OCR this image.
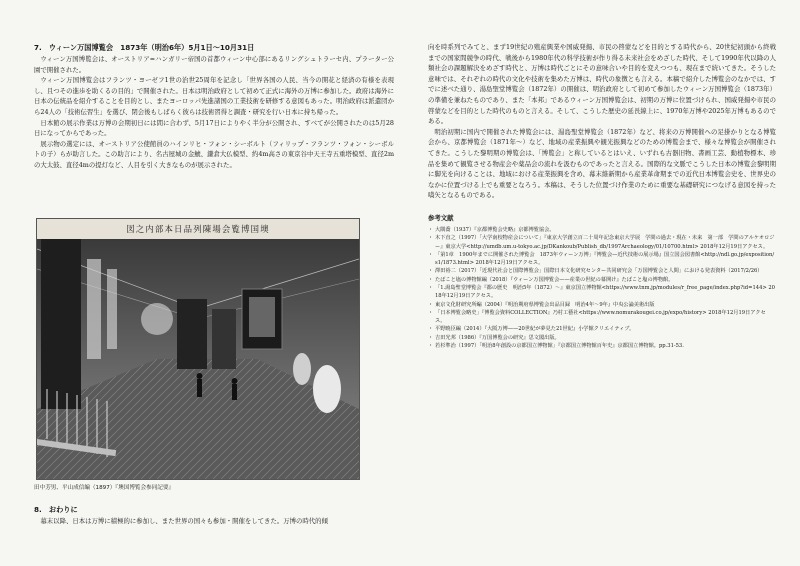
7.　ウィーン万国博覧会　1873年（明治6年）5月1日〜10月31日

ウィーン万国博覧会は、オーストリア=ハンガリー帝国の首都ウィーン中心部にあるリングシュトラーセ内、プラーター公園で開催された。

ウィーン万国博覧会はフランツ・ヨーゼフ1世の治世25周年を記念し「世界各国の人民、当今の開花と経済の有様を表現し、且つその進歩を助くるの目的」で開催された。日本は明治政府として初めて正式に海外の万博に参加した。政府は海外に日本の伝統品を紹介することを目的とし、またヨーロッパ先進諸国の工業技術を研修する意図もあった。明治政府は派遣団から24人の「技術伝習生」を選び、閉会後もしばらく彼らは技術習得と調査・研究を行い日本に持ち帰った。

日本館の展示作業は万博の会期初日には間に合わず、5月17日によりやく半分が公開され、すべてが公開されたのは5月28日になってからであった。

展示物の選定には、オーストリア公使館員のハインリヒ・フォン・シーボルト（フィリップ・フランツ・フォン・シーボルトの子）らが助言した。この助言により、名古屋城の金鯱、鎌倉大仏模型、約4m高さの東京谷中天王寺五重塔模型、直径2mの大太鼓、直径4mの提灯など、人目を引く大きなものが展示された。

墺国博覧会場陳列品日本部内之図
田中芳男、平山成信編（1897）『墺国博覧会参同記要』
8.　おわりに

幕末以降、日本は万博に積極的に参加し、また世界の国々も参加・開催をしてきた。万博の時代的傾

向を時系列でみてと、まず19世紀の殖産興業や国威発揚、市民の啓蒙などを目的とする時代から、20世紀初頭から終戦までの国家間競争の時代、戦後から1980年代の科学技術が作り得る未来社会をめざした時代、そして1990年代以降の人類社会の課題解決をめざす時代と、万博は時代ごとにその意味合いや目的を変えつつも、現在まで続いてきた。そうした意味では、それぞれの時代の文化や技術を集めた万博は、時代の象徴とも言える。本稿で紹介した博覧会のなかでは、すでに述べた通り、湯島聖堂博覧会（1872年）の開催は、明治政府として初めて参加したウィーン万国博覧会（1873年）の準備を兼ねたものであり、また「本邦」であるウィーン万国博覧会は、初期の万博に位置づけられ、国威発揚や市民の啓蒙などを目的とした時代のものと言える。そして、こうした歴史の延長線上に、1970年万博や2025年万博もあるのである。

明治初期に国内で開催された博覧会には、湯島聖堂博覧会（1872年）など、将来の万博開催への足掛かりとなる博覧会から、京都博覧会（1871年〜）など、地域の産業振興や観光振興などのための博覧会まで、様々な博覧会が開催されてきた。こうした黎明期の博覧会は、「博覧会」と称しているとはいえ、いずれも古器旧物、書画工芸、動植物標本、珍品を集めて観覧させる物産会や薬品会の流れを汲むものであったと言える。国際的な文脈でこうした日本の博覧会黎明期に脚光を向けることは、地域における産業振興を含め、幕末維新期から産業革命期までの近代日本博覧会史を、世界史のなかに位置づける上でも重要となろう。本稿は、そうした位置づけ作業のために重要な基礎研究につなげる意図を持った嚆矢となるものである。

参考文献
・ 大隅喬（1937）『京都博覧会史略』京都博覧協会。
・ 木下直之（1997）「大学南校物産会について」『東京大学創立百二十周年記念東京大学展　学問の過去・現在・未来　第一部　学問のアルケオロジー』東京大学<http://umdb.um.u-tokyo.ac.jp/DKankoub/Publish_db/1997Archaeology/01/10700.html> 2018年12月19日アクセス。
・ 「第1章　1900年までに開催された博覧会　1873年ウィーン万博」『博覧会—近代技術の展示場』国立国会図書館<http://ndl.go.jp/exposition/s1/1873.html> 2018年12月19日アクセス。
・ 澤田裕二（2017）「近現代社会と国際博覧会」国際日本文化研究センター共同研究会「万国博覧会と人間」における発表資料（2017/2/26）
・ たばこと塩の博物館編（2018）『ウィーン万国博覧会——産業の世紀の幕開け』たばこと塩の博物館。
・ 「1.湯島聖堂博覧会『都の歴史　明治5年（1872）〜』東京国立博物館<https://www.tnm.jp/modules/r_free_page/index.php?id=144> 2018年12月19日アクセス。
・ 東京文化財研究所編（2004）『明治期府県博覧会出品目録　明治4年〜9年』中央公論美術出版
・ 「日本博覧会略史」『博覧会資料COLLECTION』乃村工藝社<https://www.nomurakougei.co.jp/expo/history> 2018年12月19日アクセス。
・ 平野暁臣編（2014）『大阪万博——20世紀が夢見た21世紀』小学館クリエイティブ。
・ 吉田光邦（1986）『万国博覧会の研究』思文閣出版。
・ 若杉準治（1997）「明治8年創設の京都国立博物館」『京都国立博物館百年史』京都国立博物館。pp.31-53.
